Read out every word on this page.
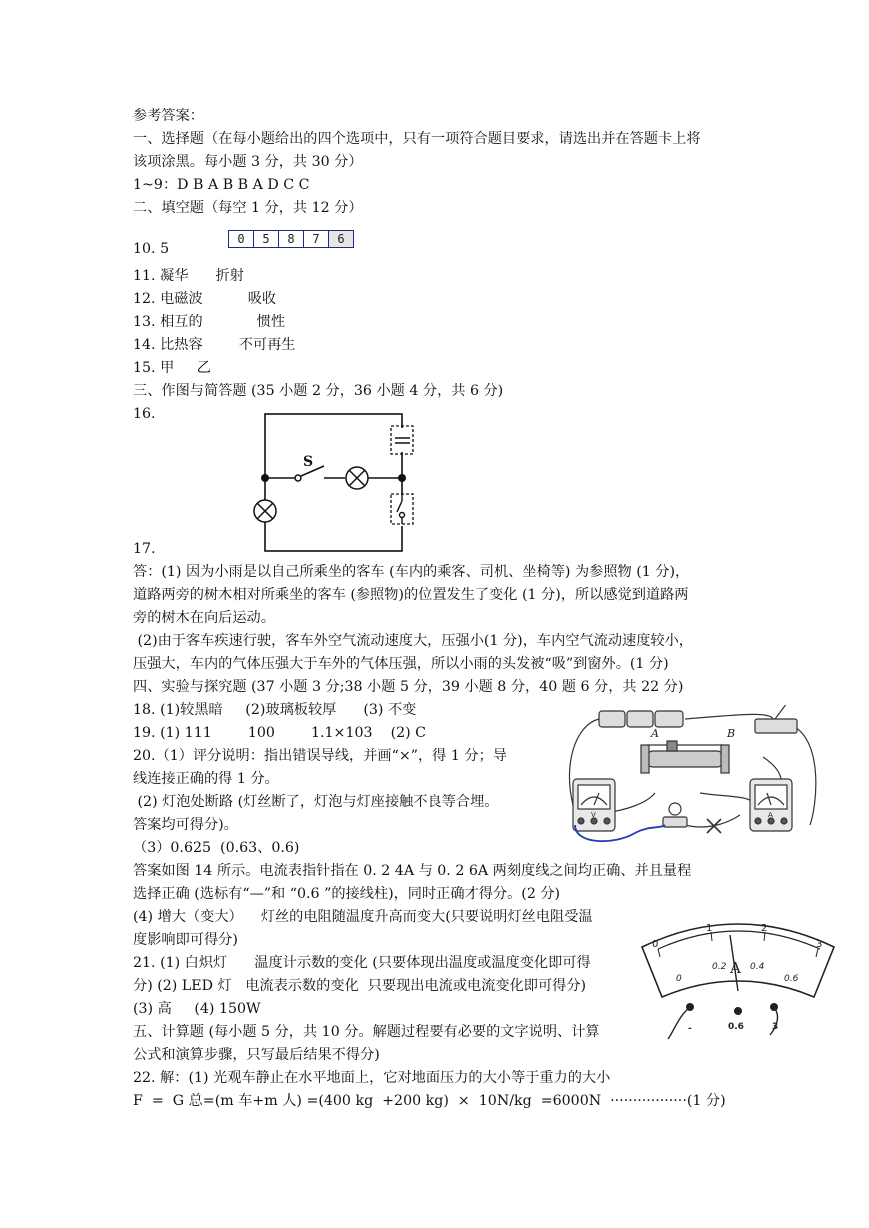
参考答案：
一、选择题（在每小题给出的四个选项中，只有一项符合题目要求，请选出并在答题卡上将
该项涂黑。每小题 3 分，共 30 分）
1~9：D B A B B A D C C
二、填空题（每空 1 分，共 12 分）
10. 5
0	5	8	7	6
11. 凝华      折射
12. 电磁波          吸收
13. 相互的            惯性
14. 比热容        不可再生
15. 甲     乙
三、作图与简答题 (35 小题 2 分，36 小题 4 分，共 6 分)
16.
S
17.
答：(1) 因为小雨是以自己所乘坐的客车 (车内的乘客、司机、坐椅等) 为参照物 (1 分)，
道路两旁的树木相对所乘坐的客车 (参照物)的位置发生了变化 (1 分)，所以感觉到道路两
旁的树木在向后运动。
(2)由于客车疾速行驶，客车外空气流动速度大，压强小(1 分)，车内空气流动速度较小，
压强大，车内的气体压强大于车外的气体压强，所以小雨的头发被“吸”到窗外。(1 分)
四、实验与探究题 (37 小题 3 分;38 小题 5 分，39 小题 8 分，40 题 6 分，共 22 分)
18. (1)较黑暗     (2)玻璃板较厚      (3) 不变
19. (1) 111        100        1.1×103    (2) C
20.（1）评分说明：指出错误导线，并画“×”，得 1 分；导
线连接正确的得 1 分。
(2) 灯泡处断路 (灯丝断了，灯泡与灯座接触不良等合埋。
答案均可得分)。
（3）0.625  (0.63、0.6)
答案如图 14 所示。电流表指针指在 0. 2 4A 与 0. 2 6A 两刻度线之间均正确、并且量程
选择正确 (选标有“—”和 “0.6 ”的接线柱)，同时正确才得分。(2 分)
(4) 增大（变大）    灯丝的电阻随温度升高而变大(只要说明灯丝电阻受温
度影响即可得分)
21. (1) 白炽灯      温度计示数的变化 (只要体现出温度或温度变化即可得
分) (2) LED 灯   电流表示数的变化  只要现出电流或电流变化即可得分)
(3) 高     (4) 150W
五、计算题 (每小题 5 分，共 10 分。解题过程要有必要的文字说明、计算
公式和演算步骤，只写最后结果不得分)
22. 解：(1) 光观车静止在水平地面上，它对地面压力的大小等于重力的大小
F  =  G 总=(m 车+m 人) =(400 kg  +200 kg)  ×  10N/kg  =6000N  ·················(1 分)
A	B
V	A
0
1	2
3
0
0.2	0.4
0.6
A
-	0.6	3
